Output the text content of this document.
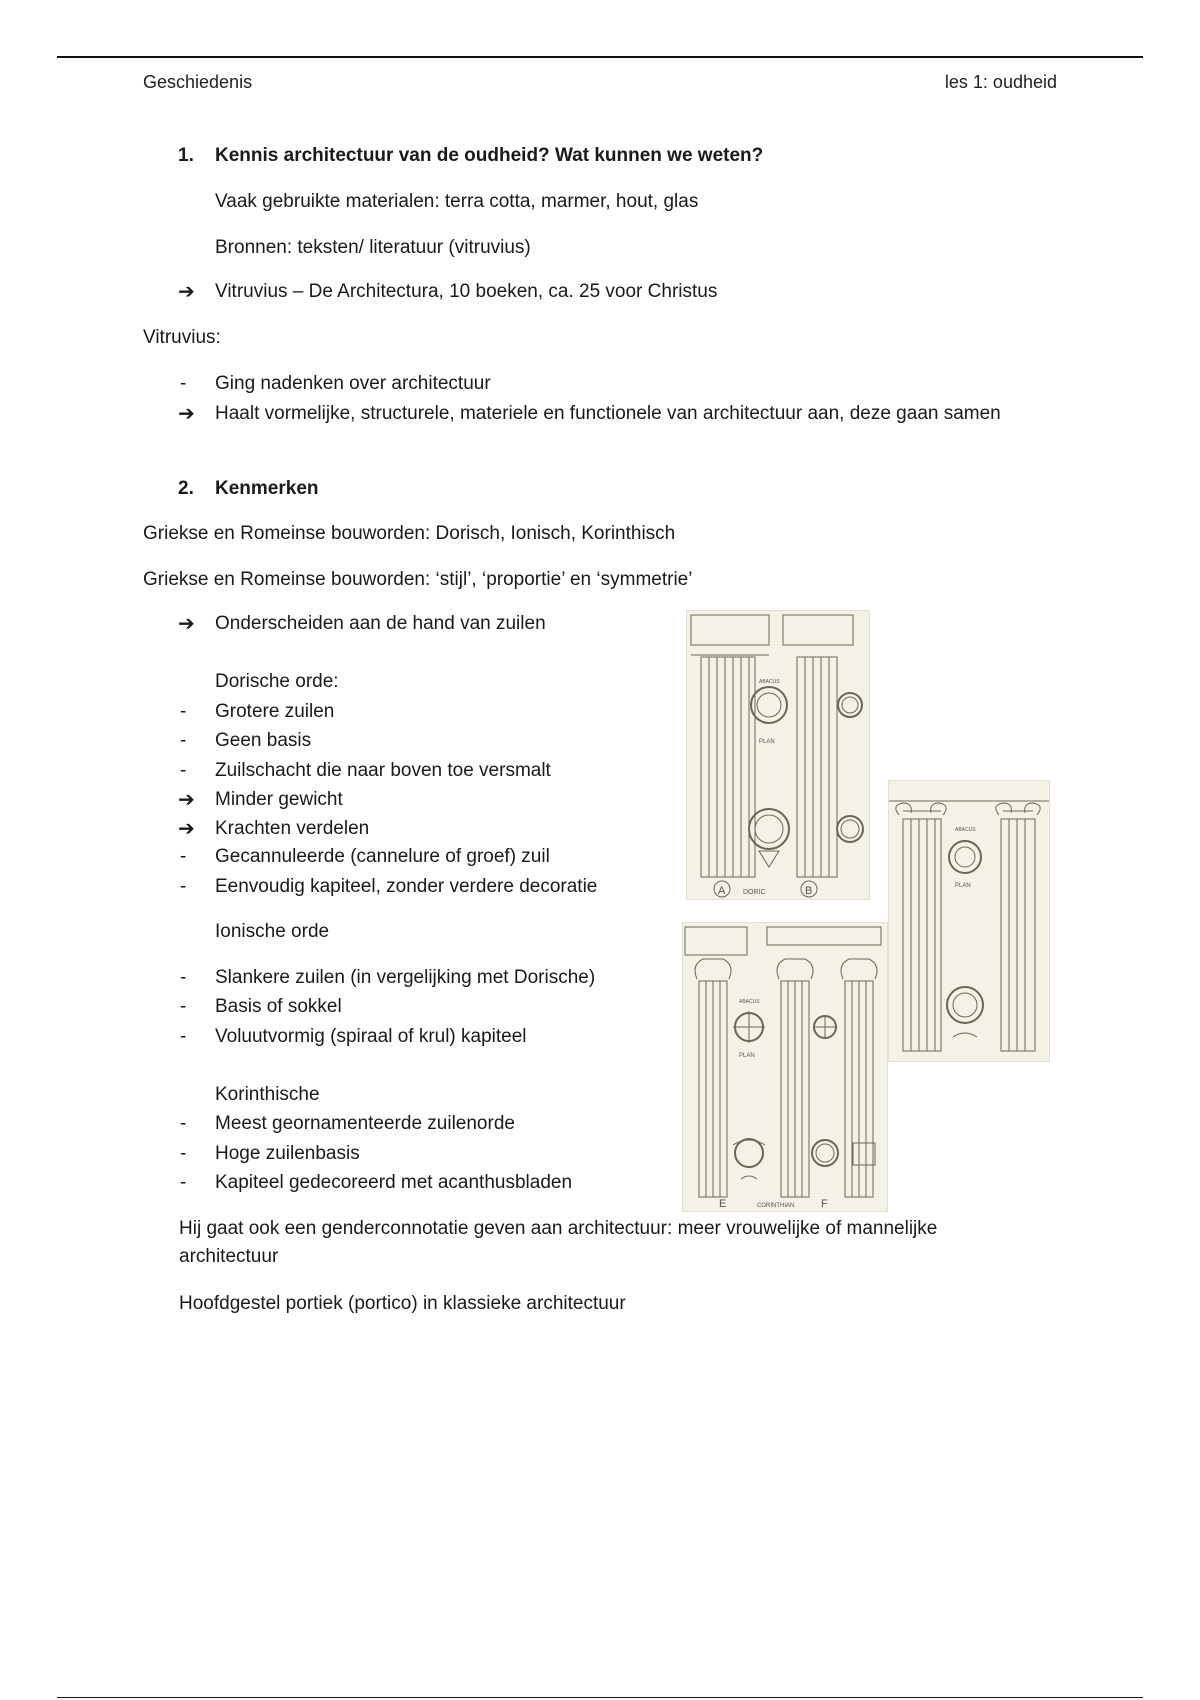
Geschiedenis	les 1: oudheid
1. Kennis architectuur van de oudheid? Wat kunnen we weten?
Vaak gebruikte materialen: terra cotta, marmer, hout, glas
Bronnen: teksten/ literatuur (vitruvius)
➔ Vitruvius – De Architectura, 10 boeken, ca. 25 voor Christus
Vitruvius:
-	Ging nadenken over architectuur
➔ Haalt vormelijke, structurele, materiele en functionele van architectuur aan, deze gaan samen
2. Kenmerken
Griekse en Romeinse bouworden: Dorisch, Ionisch, Korinthisch
Griekse en Romeinse bouworden: ‘stijl’, ‘proportie’ en ‘symmetrie’
➔ Onderscheiden aan de hand van zuilen
Dorische orde:
-	Grotere zuilen
-	Geen basis
-	Zuilschacht die naar boven toe versmalt
➔ Minder gewicht
➔ Krachten verdelen
-	Gecannuleerde (cannelure of groef) zuil
-	Eenvoudig kapiteel, zonder verdere decoratie
Ionische orde
-	Slankere zuilen (in vergelijking met Dorische)
-	Basis of sokkel
-	Voluutvormig (spiraal of krul) kapiteel
Korinthische
-	Meest geornamenteerde zuilenorde
-	Hoge zuilenbasis
-	Kapiteel gedecoreerd met acanthusbladen
Hij gaat ook een genderconnotatie geven aan architectuur: meer vrouwelijke of mannelijke architectuur
Hoofdgestel portiek (portico) in klassieke architectuur
A	B
DORIC
PLAN
ABACUS
PLAN
ABACUS
E	F
CORINTHIAN
PLAN
ABACUS
